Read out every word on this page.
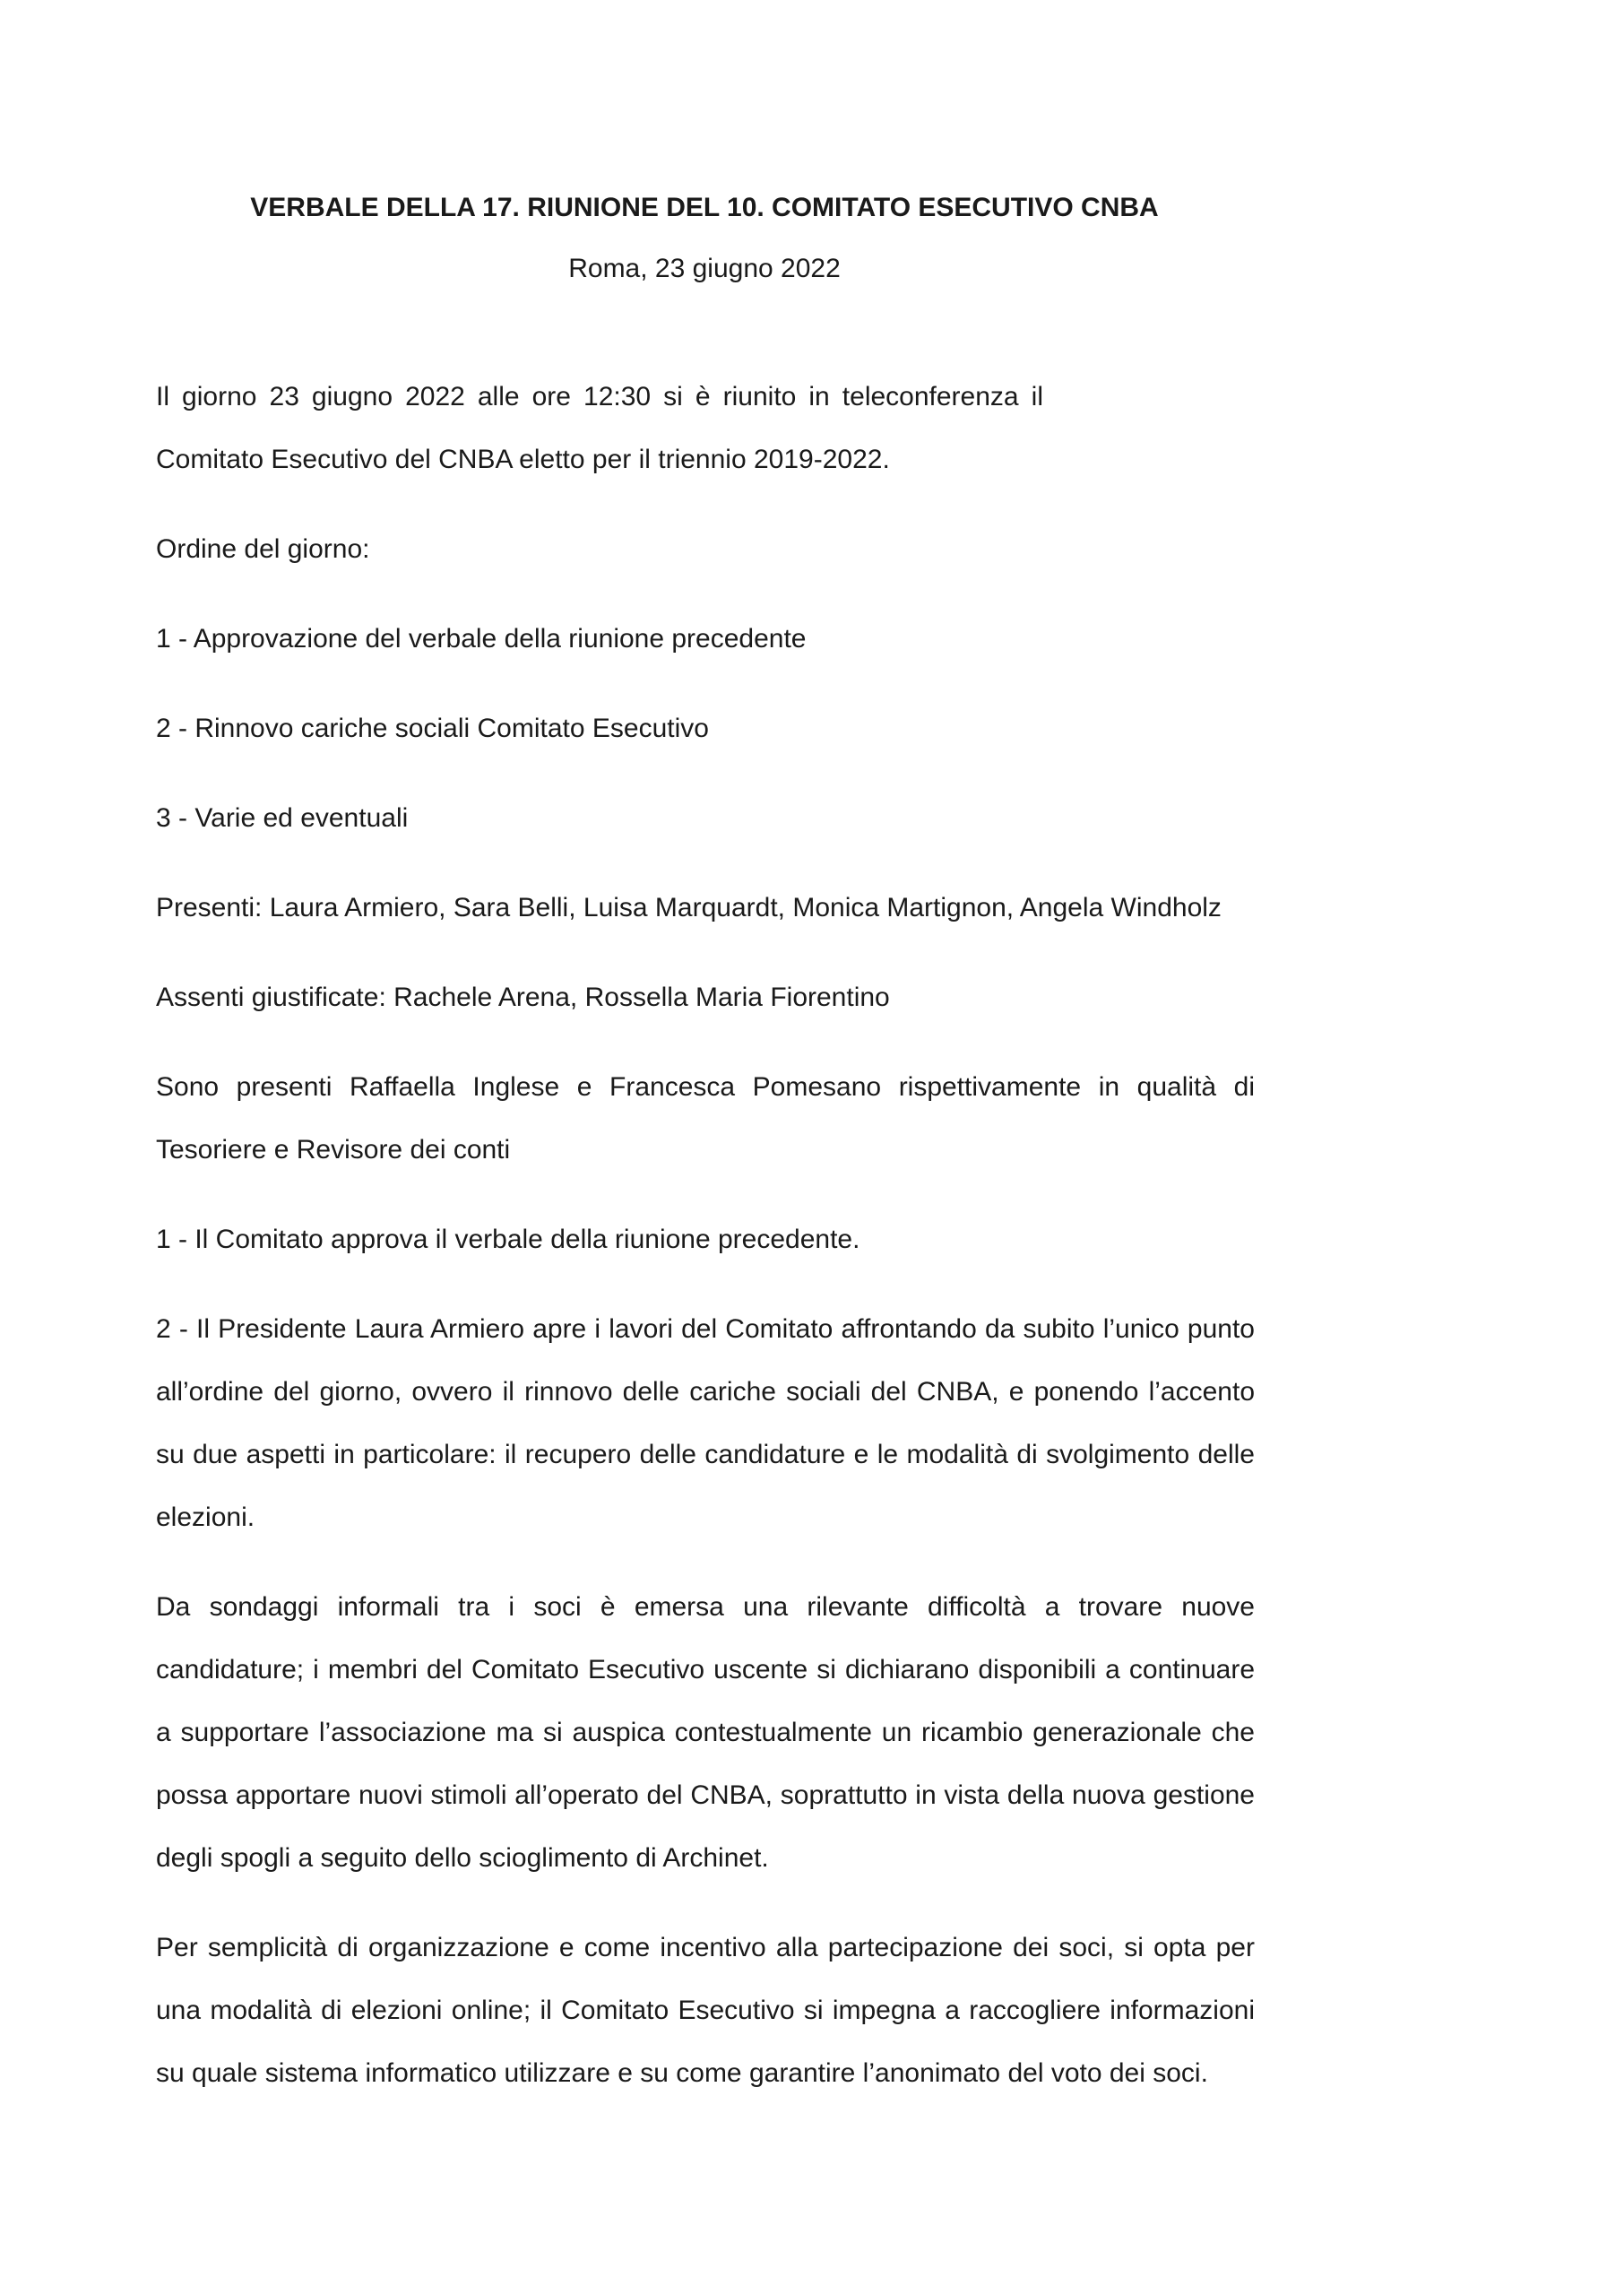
VERBALE DELLA 17. RIUNIONE DEL 10. COMITATO ESECUTIVO CNBA

Roma, 23 giugno 2022

Il giorno 23 giugno 2022 alle ore 12:30 si è riunito in teleconferenza il Comitato Esecutivo del CNBA eletto per il triennio 2019-2022.

Ordine del giorno:

1 - Approvazione del verbale della riunione precedente

2 - Rinnovo cariche sociali Comitato Esecutivo

3 - Varie ed eventuali

Presenti: Laura Armiero, Sara Belli, Luisa Marquardt, Monica Martignon, Angela Windholz

Assenti giustificate: Rachele Arena, Rossella Maria Fiorentino

Sono presenti Raffaella Inglese e Francesca Pomesano rispettivamente in qualità di Tesoriere e Revisore dei conti

1 - Il Comitato approva il verbale della riunione precedente.

2 - Il Presidente Laura Armiero apre i lavori del Comitato affrontando da subito l’unico punto all’ordine del giorno, ovvero il rinnovo delle cariche sociali del CNBA, e ponendo l’accento su due aspetti in particolare: il recupero delle candidature e le modalità di svolgimento delle elezioni.

Da sondaggi informali tra i soci è emersa una rilevante difficoltà a trovare nuove candidature; i membri del Comitato Esecutivo uscente si dichiarano disponibili a continuare a supportare l’associazione ma si auspica contestualmente un ricambio generazionale che possa apportare nuovi stimoli all’operato del CNBA, soprattutto in vista della nuova gestione degli spogli a seguito dello scioglimento di Archinet.

Per semplicità di organizzazione e come incentivo alla partecipazione dei soci, si opta per una modalità di elezioni online; il Comitato Esecutivo si impegna a raccogliere informazioni su quale sistema informatico utilizzare e su come garantire l’anonimato del voto dei soci.
